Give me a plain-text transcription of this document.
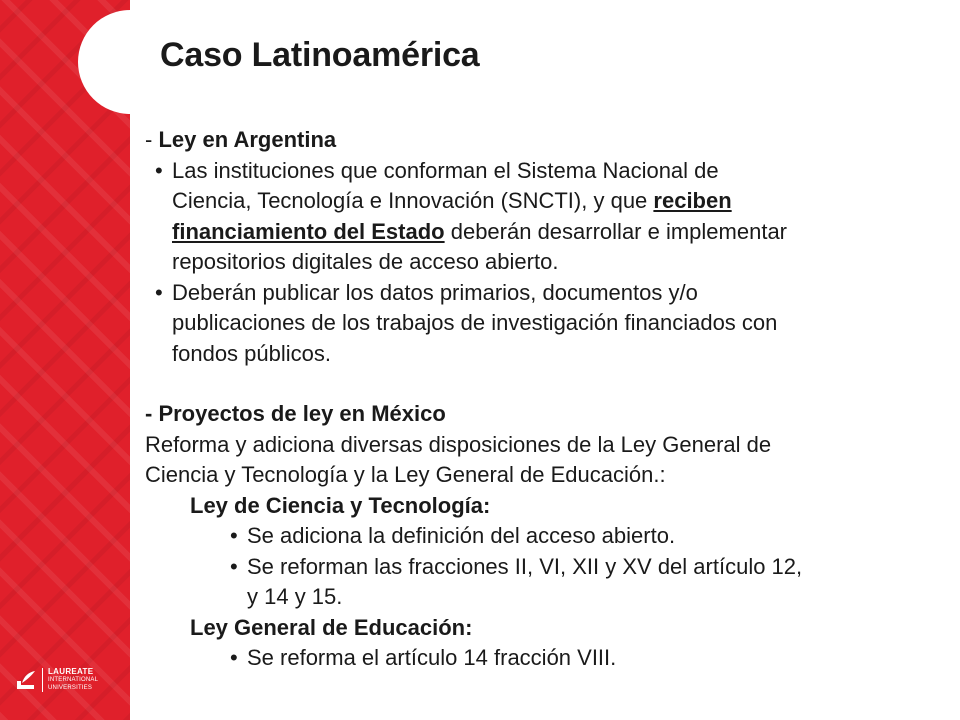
LAUREATE
INTERNATIONAL
UNIVERSITIES
Caso Latinoamérica
- Ley en Argentina
• Las instituciones que conforman el Sistema Nacional de
Ciencia, Tecnología e Innovación (SNCTI), y que reciben
financiamiento del Estado deberán desarrollar e implementar
repositorios digitales de acceso abierto.
• Deberán publicar los datos primarios, documentos y/o
publicaciones de los trabajos de investigación financiados con
fondos públicos.
- Proyectos de ley en México
Reforma y adiciona diversas disposiciones de la Ley General de
Ciencia y Tecnología y la Ley General de Educación.:
Ley de Ciencia y Tecnología:
• Se adiciona la definición del acceso abierto.
• Se reforman las fracciones II, VI, XII y XV del artículo 12,
y 14 y 15.
Ley General de Educación:
• Se reforma el artículo 14 fracción VIII.
